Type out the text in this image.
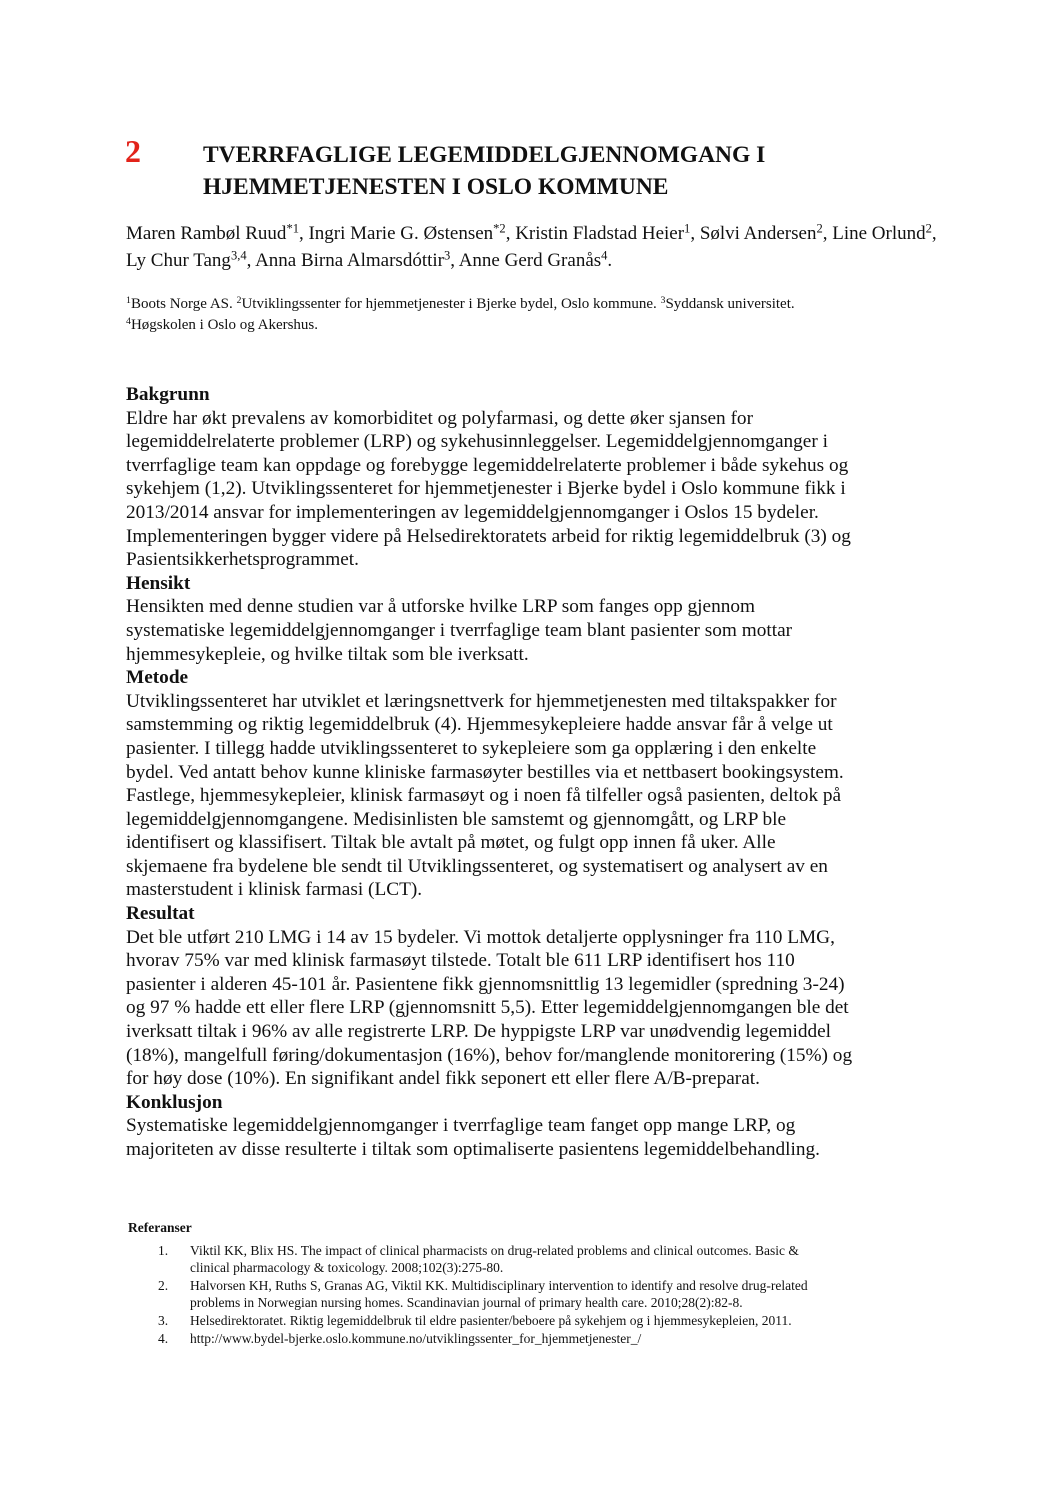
2	TVERRFAGLIGE LEGEMIDDELGJENNOMGANG I HJEMMETJENESTEN I OSLO KOMMUNE

Maren Rambøl Ruud$^{*1}$, Ingri Marie G. Østensen$^{*2}$, Kristin Fladstad Heier$^1$, Sølvi Andersen$^2$, Line Orlund$^2$, Ly Chur Tang$^{3,4}$, Anna Birna Almarsdóttir$^3$, Anne Gerd Granås$^4$.

$^1$Boots Norge AS. $^2$Utviklingssenter for hjemmetjenester i Bjerke bydel, Oslo kommune. $^3$Syddansk universitet.
$^4$Høgskolen i Oslo og Akershus.

Bakgrunn

Eldre har økt prevalens av komorbiditet og polyfarmasi, og dette øker sjansen for
legemiddelrelaterte problemer (LRP) og sykehusinnleggelser. Legemiddelgjennomganger i
tverrfaglige team kan oppdage og forebygge legemiddelrelaterte problemer i både sykehus og
sykehjem (1,2). Utviklingssenteret for hjemmetjenester i Bjerke bydel i Oslo kommune fikk i
2013/2014 ansvar for implementeringen av legemiddelgjennomganger i Oslos 15 bydeler.
Implementeringen bygger videre på Helsedirektoratets arbeid for riktig legemiddelbruk (3) og
Pasientsikkerhetsprogrammet.

Hensikt

Hensikten med denne studien var å utforske hvilke LRP som fanges opp gjennom
systematiske legemiddelgjennomganger i tverrfaglige team blant pasienter som mottar
hjemmesykepleie, og hvilke tiltak som ble iverksatt.

Metode

Utviklingssenteret har utviklet et læringsnettverk for hjemmetjenesten med tiltakspakker for
samstemming og riktig legemiddelbruk (4). Hjemmesykepleiere hadde ansvar får å velge ut
pasienter. I tillegg hadde utviklingssenteret to sykepleiere som ga opplæring i den enkelte
bydel. Ved antatt behov kunne kliniske farmasøyter bestilles via et nettbasert bookingsystem.
Fastlege, hjemmesykepleier, klinisk farmasøyt og i noen få tilfeller også pasienten, deltok på
legemiddelgjennomgangene. Medisinlisten ble samstemt og gjennomgått, og LRP ble
identifisert og klassifisert. Tiltak ble avtalt på møtet, og fulgt opp innen få uker. Alle
skjemaene fra bydelene ble sendt til Utviklingssenteret, og systematisert og analysert av en
masterstudent i klinisk farmasi (LCT).

Resultat

Det ble utført 210 LMG i 14 av 15 bydeler. Vi mottok detaljerte opplysninger fra 110 LMG,
hvorav 75% var med klinisk farmasøyt tilstede. Totalt ble 611 LRP identifisert hos 110
pasienter i alderen 45-101 år. Pasientene fikk gjennomsnittlig 13 legemidler (spredning 3-24)
og 97 % hadde ett eller flere LRP (gjennomsnitt 5,5). Etter legemiddelgjennomgangen ble det
iverksatt tiltak i 96% av alle registrerte LRP. De hyppigste LRP var unødvendig legemiddel
(18%), mangelfull føring/dokumentasjon (16%), behov for/manglende monitorering (15%) og
for høy dose (10%). En signifikant andel fikk seponert ett eller flere A/B-preparat.

Konklusjon

Systematiske legemiddelgjennomganger i tverrfaglige team fanget opp mange LRP, og
majoriteten av disse resulterte i tiltak som optimaliserte pasientens legemiddelbehandling.

Referanser
1. Viktil KK, Blix HS. The impact of clinical pharmacists on drug-related problems and clinical outcomes. Basic &
clinical pharmacology & toxicology. 2008;102(3):275-80.
2. Halvorsen KH, Ruths S, Granas AG, Viktil KK. Multidisciplinary intervention to identify and resolve drug-related
problems in Norwegian nursing homes. Scandinavian journal of primary health care. 2010;28(2):82-8.
3. Helsedirektoratet. Riktig legemiddelbruk til eldre pasienter/beboere på sykehjem og i hjemmesykepleien, 2011.
4. http://www.bydel-bjerke.oslo.kommune.no/utviklingssenter_for_hjemmetjenester_/
